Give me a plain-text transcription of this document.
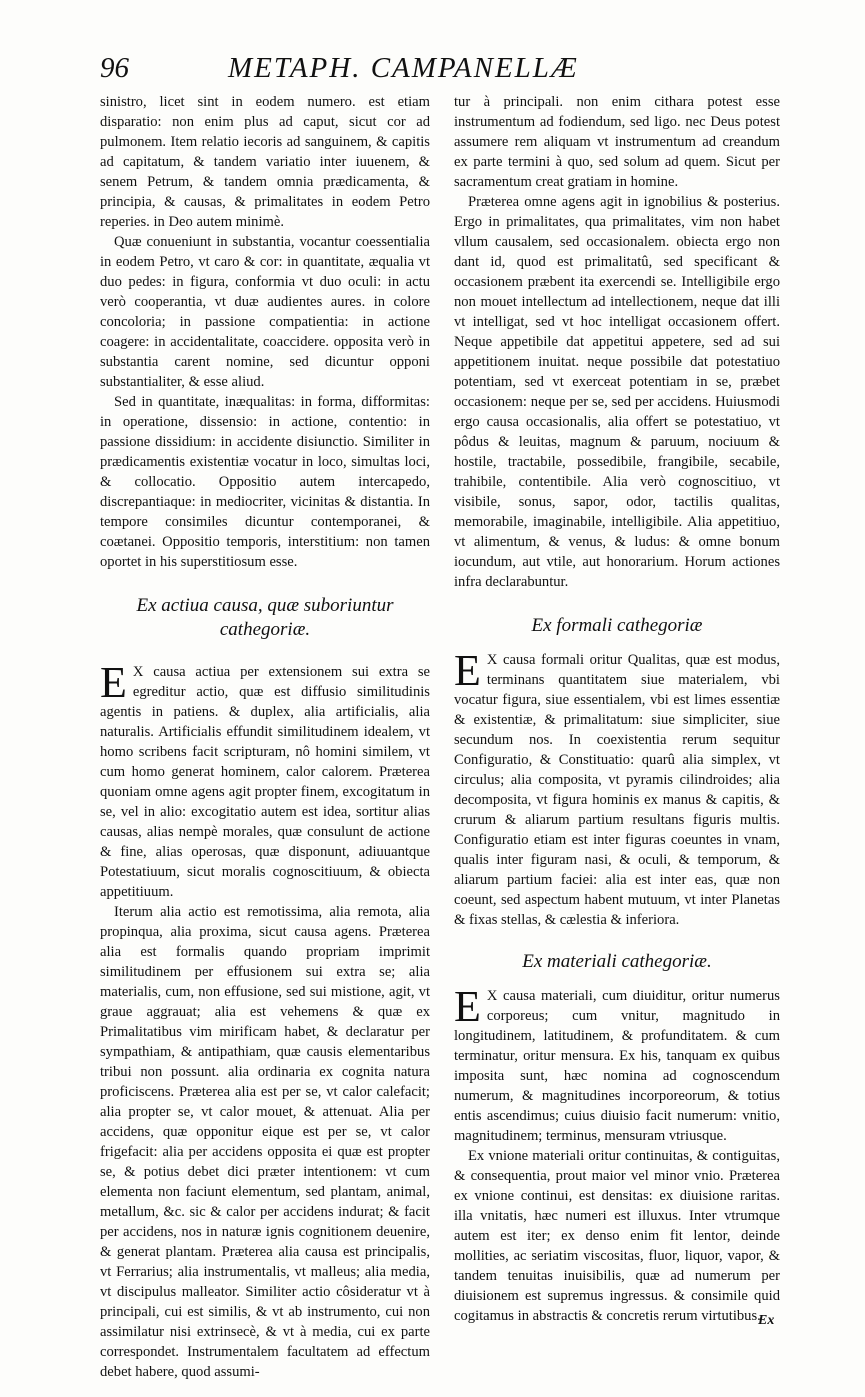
96	METAPH. CAMPANELLÆ

sinistro, licet sint in eodem numero. est etiam disparatio: non enim plus ad caput, sicut cor ad pulmonem. Item relatio iecoris ad sanguinem, & capitis ad capitatum, & tandem variatio inter iuuenem, & senem Petrum, & tandem omnia prædicamenta, & principia, & causas, & primalitates in eodem Petro reperies. in Deo autem minimè.

Quæ conueniunt in substantia, vocantur coessentialia in eodem Petro, vt caro & cor: in quantitate, æqualia vt duo pedes: in figura, conformia vt duo oculi: in actu verò cooperantia, vt duæ audientes aures. in colore concoloria; in passione compatientia: in actione coagere: in accidentalitate, coaccidere. opposita verò in substantia carent nomine, sed dicuntur opponi substantialiter, & esse aliud.

Sed in quantitate, inæqualitas: in forma, difformitas: in operatione, dissensio: in actione, contentio: in passione dissidium: in accidente disiunctio. Similiter in prædicamentis existentiæ vocatur in loco, simultas loci, & collocatio. Oppositio autem intercapedo, discrepantiaque: in mediocriter, vicinitas & distantia. In tempore consimiles dicuntur contemporanei, & coætanei. Oppositio temporis, interstitium: non tamen oportet in his superstitiosum esse.

Ex actiua causa, quæ suboriuntur
cathegoriæ.

E X causa actiua per extensionem sui extra se egreditur actio, quæ est diffusio similitudinis agentis in patiens. & duplex, alia artificialis, alia naturalis. Artificialis effundit similitudinem idealem, vt homo scribens facit scripturam, nô homini similem, vt cum homo generat hominem, calor calorem. Præterea quoniam omne agens agit propter finem, excogitatum in se, vel in alio: excogitatio autem est idea, sortitur alias causas, alias nempè morales, quæ consulunt de actione & fine, alias operosas, quæ disponunt, adiuuantque Potestatiuum, sicut moralis cognoscitiuum, & obiecta appetitiuum.

Iterum alia actio est remotissima, alia remota, alia propinqua, alia proxima, sicut causa agens. Præterea alia est formalis quando propriam imprimit similitudinem per effusionem sui extra se; alia materialis, cum, non effusione, sed sui mistione, agit, vt graue aggrauat; alia est vehemens & quæ ex Primalitatibus vim mirificam habet, & declaratur per sympathiam, & antipathiam, quæ causis elementaribus tribui non possunt. alia ordinaria ex cognita natura proficiscens. Præterea alia est per se, vt calor calefacit; alia propter se, vt calor mouet, & attenuat. Alia per accidens, quæ opponitur eique est per se, vt calor frigefacit: alia per accidens opposita ei quæ est propter se, & potius debet dici præter intentionem: vt cum elementa non faciunt elementum, sed plantam, animal, metallum, &c. sic & calor per accidens indurat; & facit per accidens, nos in naturæ ignis cognitionem deuenire, & generat plantam. Præterea alia causa est principalis, vt Ferrarius; alia instrumentalis, vt malleus; alia media, vt discipulus malleator. Similiter actio côsideratur vt à principali, cui est similis, & vt ab instrumento, cui non assimilatur nisi extrinsecè, & vt à media, cui ex parte correspondet. Instrumentalem facultatem ad effectum debet habere, quod assumi-

tur à principali. non enim cithara potest esse instrumentum ad fodiendum, sed ligo. nec Deus potest assumere rem aliquam vt instrumentum ad creandum ex parte termini à quo, sed solum ad quem. Sicut per sacramentum creat gratiam in homine.

Præterea omne agens agit in ignobilius & posterius. Ergo in primalitates, qua primalitates, vim non habet vllum causalem, sed occasionalem. obiecta ergo non dant id, quod est primalitatû, sed specificant & occasionem præbent ita exercendi se. Intelligibile ergo non mouet intellectum ad intellectionem, neque dat illi vt intelligat, sed vt hoc intelligat occasionem offert. Neque appetibile dat appetitui appetere, sed ad sui appetitionem inuitat. neque possibile dat potestatiuo potentiam, sed vt exerceat potentiam in se, præbet occasionem: neque per se, sed per accidens. Huiusmodi ergo causa occasionalis, alia offert se potestatiuo, vt pôdus & leuitas, magnum & paruum, nociuum & hostile, tractabile, possedibile, frangibile, secabile, trahibile, contentibile. Alia verò cognoscitiuo, vt visibile, sonus, sapor, odor, tactilis qualitas, memorabile, imaginabile, intelligibile. Alia appetitiuo, vt alimentum, & venus, & ludus: & omne bonum iocundum, aut vtile, aut honorarium. Horum actiones infra declarabuntur.

Ex formali cathegoriæ

E X causa formali oritur Qualitas, quæ est modus, terminans quantitatem siue materialem, vbi vocatur figura, siue essentialem, vbi est limes essentiæ & existentiæ, & primalitatum: siue simpliciter, siue secundum nos. In coexistentia rerum sequitur Configuratio, & Constituatio: quarû alia simplex, vt circulus; alia composita, vt pyramis cilindroides; alia decomposita, vt figura hominis ex manus & capitis, & crurum & aliarum partium resultans figuris multis. Configuratio etiam est inter figuras coeuntes in vnam, qualis inter figuram nasi, & oculi, & temporum, & aliarum partium faciei: alia est inter eas, quæ non coeunt, sed aspectum habent mutuum, vt inter Planetas & fixas stellas, & cælestia & inferiora.

Ex materiali cathegoriæ.

E X causa materiali, cum diuiditur, oritur numerus corporeus; cum vnitur, magnitudo in longitudinem, latitudinem, & profunditatem. & cum terminatur, oritur mensura. Ex his, tanquam ex quibus imposita sunt, hæc nomina ad cognoscendum numerum, & magnitudines incorporeorum, & totius entis ascendimus; cuius diuisio facit numerum: vnitio, magnitudinem; terminus, mensuram vtriusque.

Ex vnione materiali oritur continuitas, & contiguitas, & consequentia, prout maior vel minor vnio. Præterea ex vnione continui, est densitas: ex diuisione raritas. illa vnitatis, hæc numeri est illuxus. Inter vtrumque autem est iter; ex denso enim fit lentor, deinde mollities, ac seriatim viscositas, fluor, liquor, vapor, & tandem tenuitas inuisibilis, quæ ad numerum per diuisionem est supremus ingressus. & consimile quid cogitamus in abstractis & concretis rerum virtutibus.

Ex
